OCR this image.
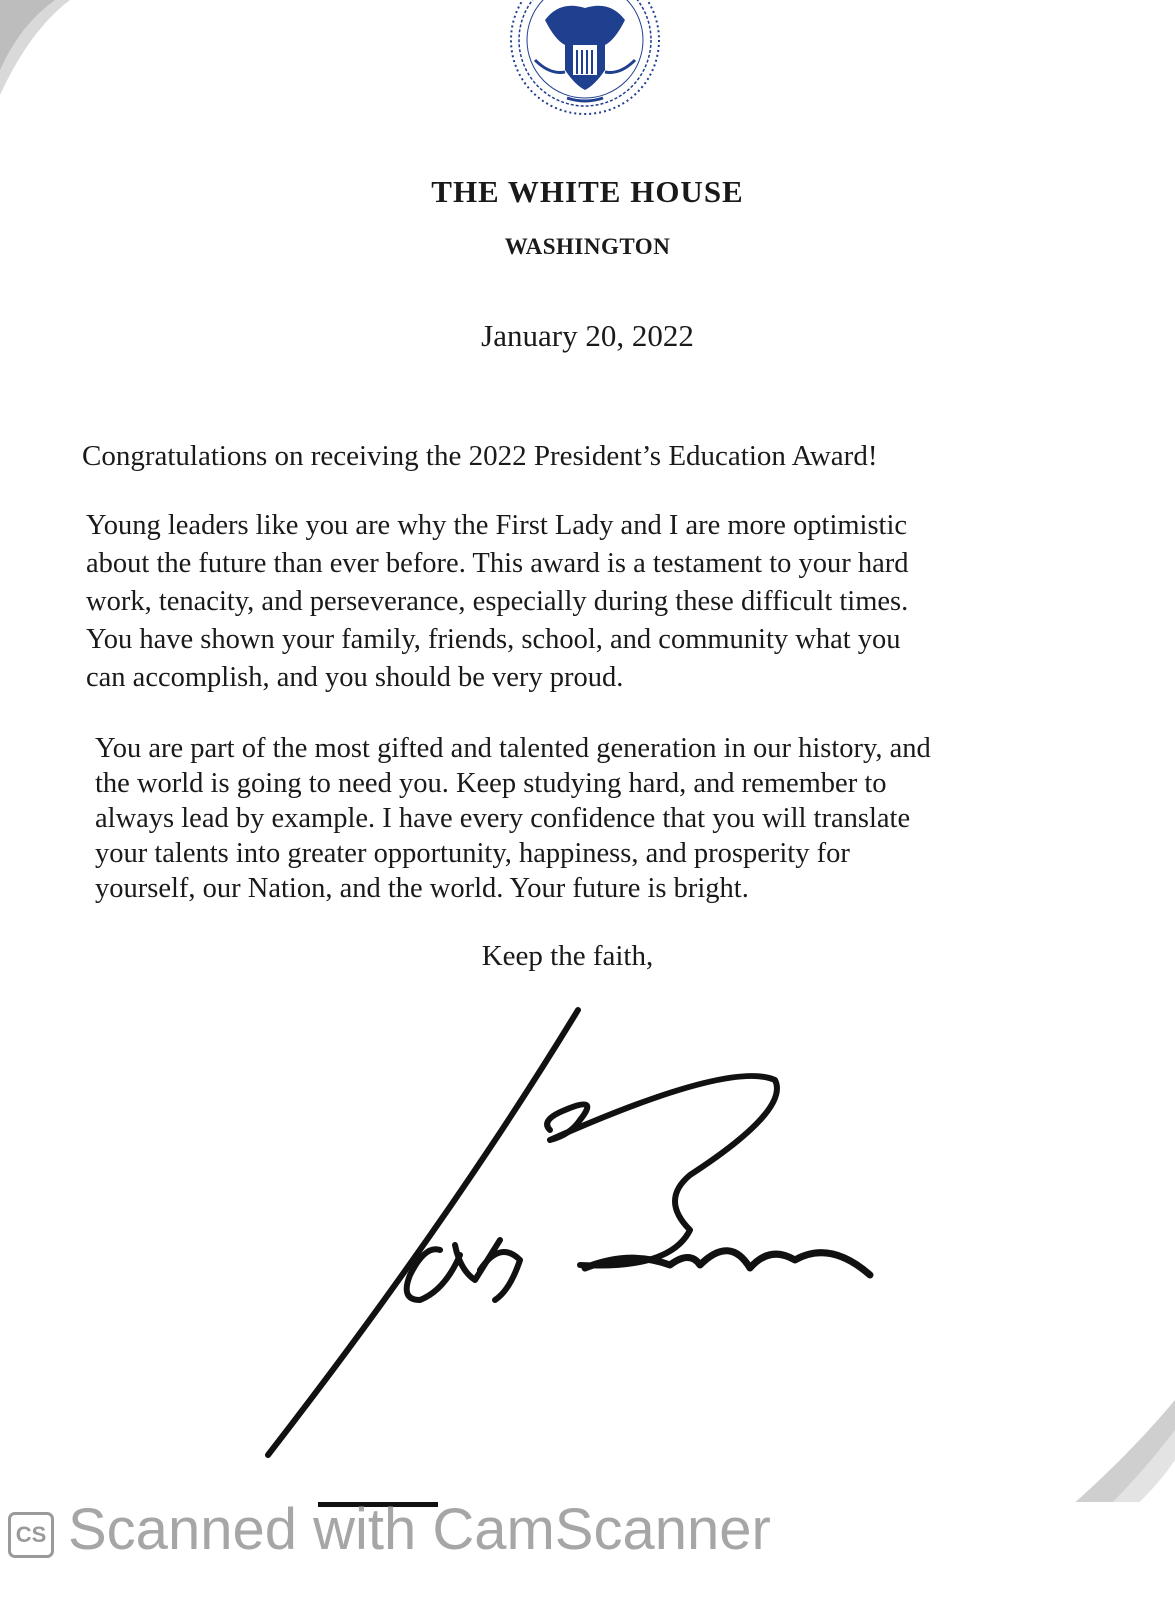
THE WHITE HOUSE
WASHINGTON
January 20, 2022
Congratulations on receiving the 2022 President’s Education Award!
Young leaders like you are why the First Lady and I are more optimistic
about the future than ever before. This award is a testament to your hard
work, tenacity, and perseverance, especially during these difficult times.
You have shown your family, friends, school, and community what you
can accomplish, and you should be very proud.
You are part of the most gifted and talented generation in our history, and
the world is going to need you. Keep studying hard, and remember to
always lead by example. I have every confidence that you will translate
your talents into greater opportunity, happiness, and prosperity for
yourself, our Nation, and the world. Your future is bright.
Keep the faith,
CS Scanned with CamScanner
